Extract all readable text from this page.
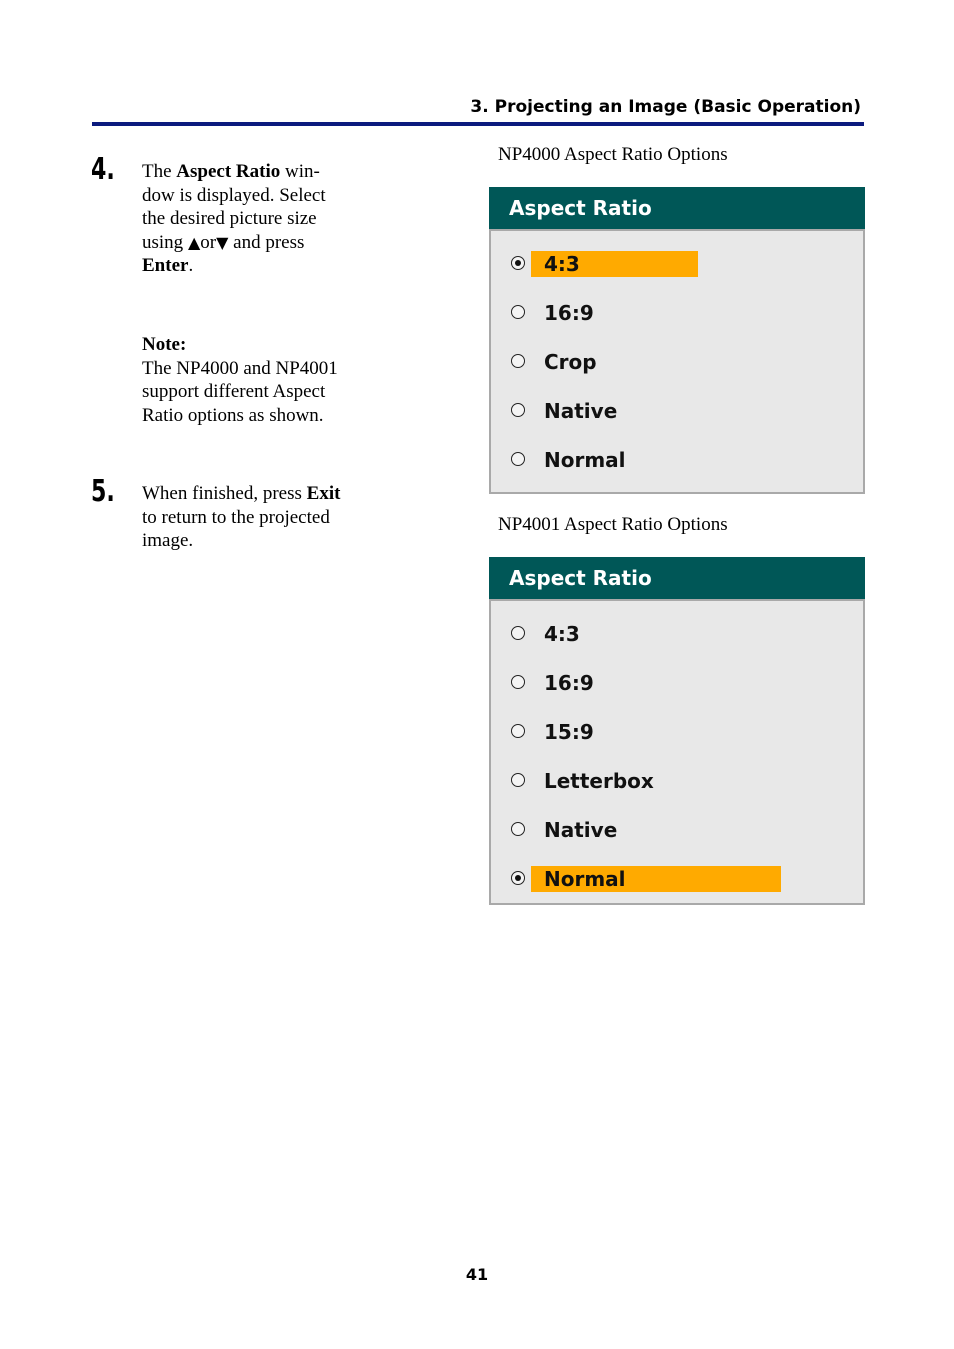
3. Projecting an Image (Basic Operation)
4. The Aspect Ratio win-
dow is displayed. Select
the desired picture size
using ▲or▼ and press
Enter.
Note:
The NP4000 and NP4001
support different Aspect
Ratio options as shown.
5. When finished, press Exit
to return to the projected
image.
NP4000 Aspect Ratio Options
Aspect Ratio
4:3
16:9
Crop
Native
Normal
NP4001 Aspect Ratio Options
Aspect Ratio
4:3
16:9
15:9
Letterbox
Native
Normal
41
